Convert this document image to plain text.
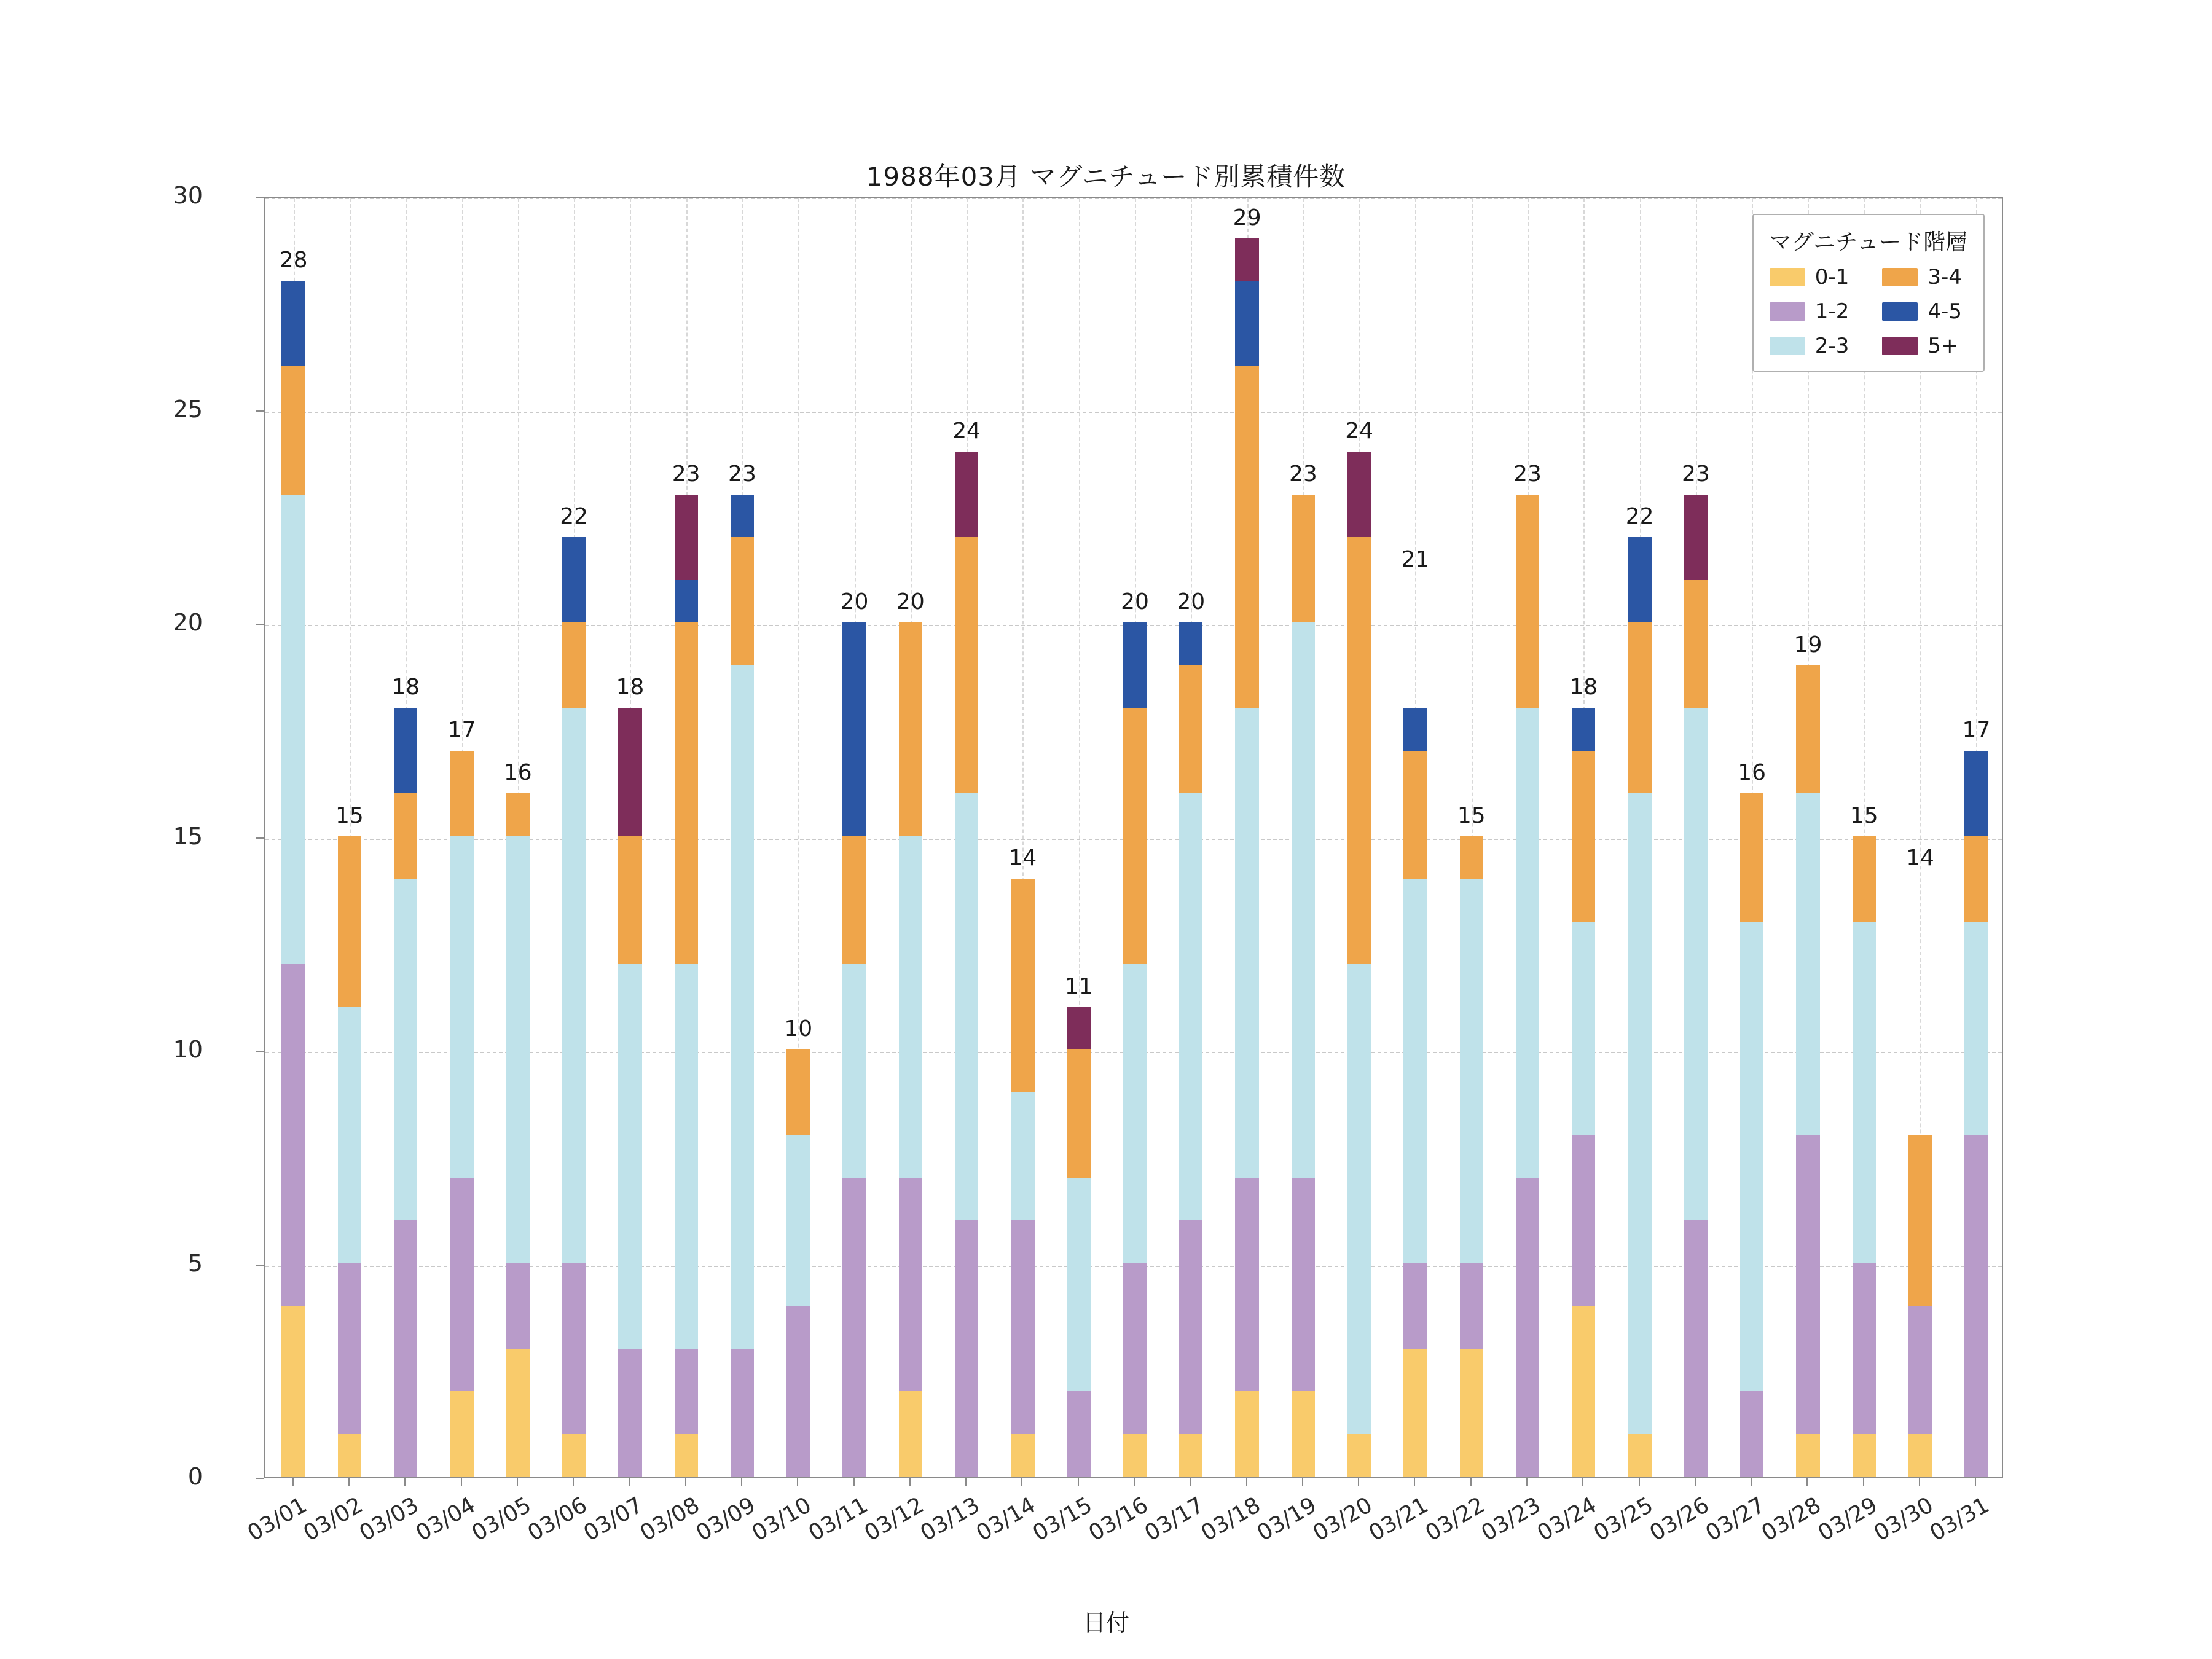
1988年03月 マグニチュード別累積件数
日付
28
15
18
17
16
22
18
23	23
10
20	20
24
14
11
20	20
29
23
24
21
15
23
18
22
23
16
19
15
14
17
マグニチュード階層
0-1
1-2
2-3
3-4
4-5
5+
0
5
10
15
20
25
30
03/01
03/02
03/03
03/04
03/05
03/06
03/07
03/08
03/09
03/10
03/11
03/12
03/13
03/14
03/15
03/16
03/17
03/18
03/19
03/20
03/21
03/22
03/23
03/24
03/25
03/26
03/27
03/28
03/29
03/30
03/31
